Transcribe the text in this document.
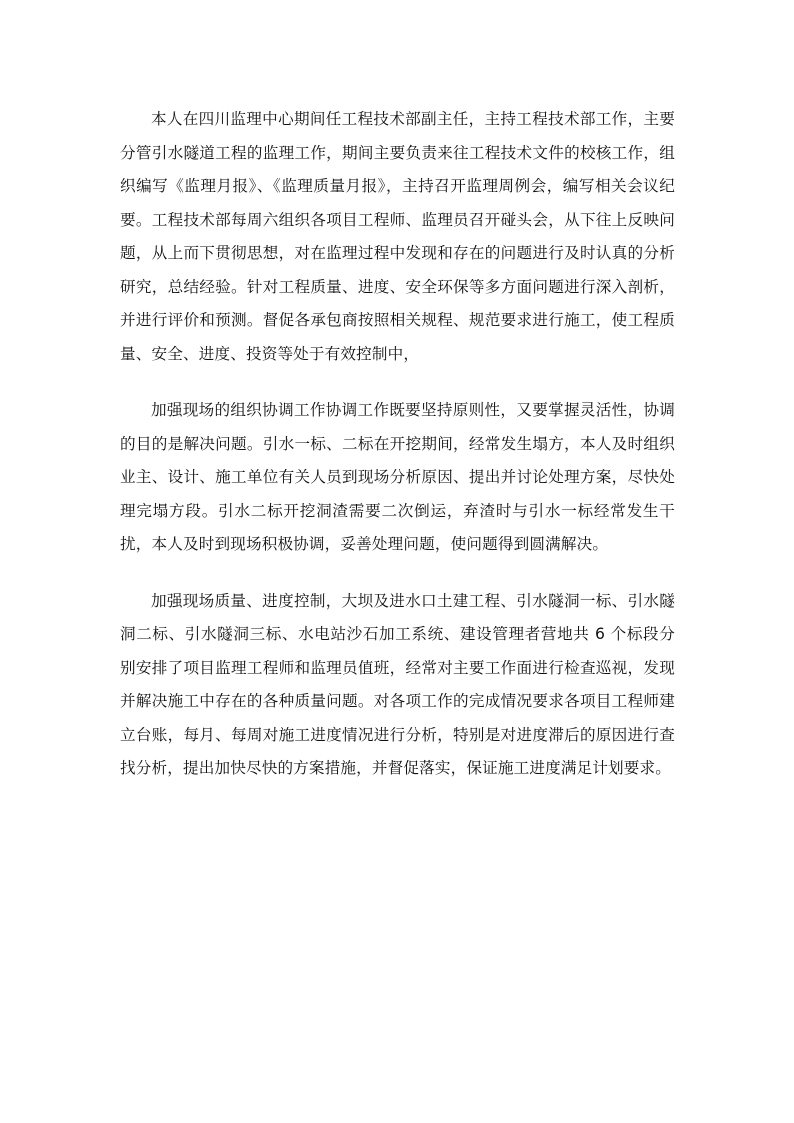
本人在四川监理中心期间任工程技术部副主任，主持工程技术部工作，主要分管引水隧道工程的监理工作，期间主要负责来往工程技术文件的校核工作，组织编写《监理月报》、《监理质量月报》，主持召开监理周例会，编写相关会议纪要。工程技术部每周六组织各项目工程师、监理员召开碰头会，从下往上反映问题，从上而下贯彻思想，对在监理过程中发现和存在的问题进行及时认真的分析研究，总结经验。针对工程质量、进度、安全环保等多方面问题进行深入剖析，并进行评价和预测。督促各承包商按照相关规程、规范要求进行施工，使工程质量、安全、进度、投资等处于有效控制中，

加强现场的组织协调工作协调工作既要坚持原则性，又要掌握灵活性，协调的目的是解决问题。引水一标、二标在开挖期间，经常发生塌方，本人及时组织业主、设计、施工单位有关人员到现场分析原因、提出并讨论处理方案，尽快处理完塌方段。引水二标开挖洞渣需要二次倒运，弃渣时与引水一标经常发生干扰，本人及时到现场积极协调，妥善处理问题，使问题得到圆满解决。

加强现场质量、进度控制，大坝及进水口土建工程、引水隧洞一标、引水隧洞二标、引水隧洞三标、水电站沙石加工系统、建设管理者营地共 6 个标段分别安排了项目监理工程师和监理员值班，经常对主要工作面进行检查巡视，发现并解决施工中存在的各种质量问题。对各项工作的完成情况要求各项目工程师建立台账，每月、每周对施工进度情况进行分析，特别是对进度滞后的原因进行查找分析，提出加快尽快的方案措施，并督促落实，保证施工进度满足计划要求。
